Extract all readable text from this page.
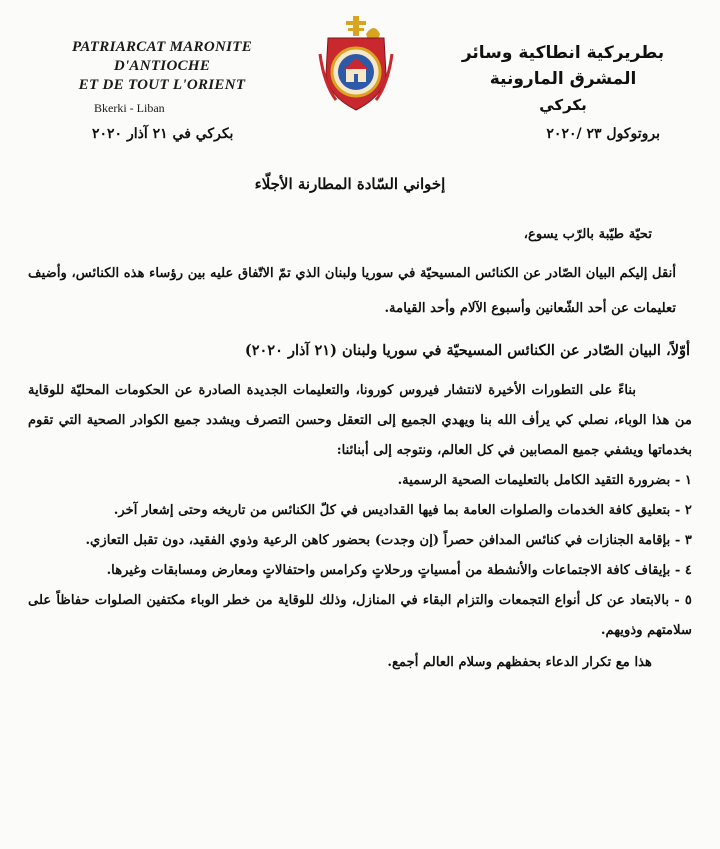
PATRIARCAT MARONITE D'ANTIOCHE
ET DE TOUT L'ORIENT
Bkerki - Liban
بطريركية انطاكية وسائر المشرق المارونية
بكركي
بكركي في ٢١ آذار ٢٠٢٠	بروتوكول ٢٣ /٢٠٢٠

إخواني السّادة المطارنة الأجلّاء

تحيّة طيّبة بالرّب يسوع،

أنقل إليكم البيان الصّادر عن الكنائس المسيحيّة في سوريا ولبنان الذي تمّ الاتّفاق عليه بين رؤساء هذه الكنائس، وأضيف تعليمات عن أحد الشّعانين وأسبوع الآلام وأحد القيامة.

أوّلاً، البيان الصّادر عن الكنائس المسيحيّة في سوريا ولبنان (٢١ آذار ٢٠٢٠)

بناءً على التطورات الأخيرة لانتشار فيروس كورونا، والتعليمات الجديدة الصادرة عن الحكومات المحليّة للوقاية من هذا الوباء، نصلي كي يرأف الله بنا ويهدي الجميع إلى التعقل وحسن التصرف ويشدد جميع الكوادر الصحية التي تقوم بخدماتها ويشفي جميع المصابين في كل العالم، ونتوجه إلى أبنائنا:

١ - بضرورة التقيد الكامل بالتعليمات الصحية الرسمية.

٢ - بتعليق كافة الخدمات والصلوات العامة بما فيها القداديس في كلّ الكنائس من تاريخه وحتى إشعار آخر.

٣ - بإقامة الجنازات في كنائس المدافن حصراً (إن وجدت) بحضور كاهن الرعية وذوي الفقيد، دون تقبل التعازي.

٤ - بإيقاف كافة الاجتماعات والأنشطة من أمسياتٍ ورحلاتٍ وكرامس واحتفالاتٍ ومعارض ومسابقات وغيرها.

٥ - بالابتعاد عن كل أنواع التجمعات والتزام البقاء في المنازل، وذلك للوقاية من خطر الوباء مكتفين الصلوات حفاظاً على سلامتهم وذويهم.

هذا مع تكرار الدعاء بحفظهم وسلام العالم أجمع.
